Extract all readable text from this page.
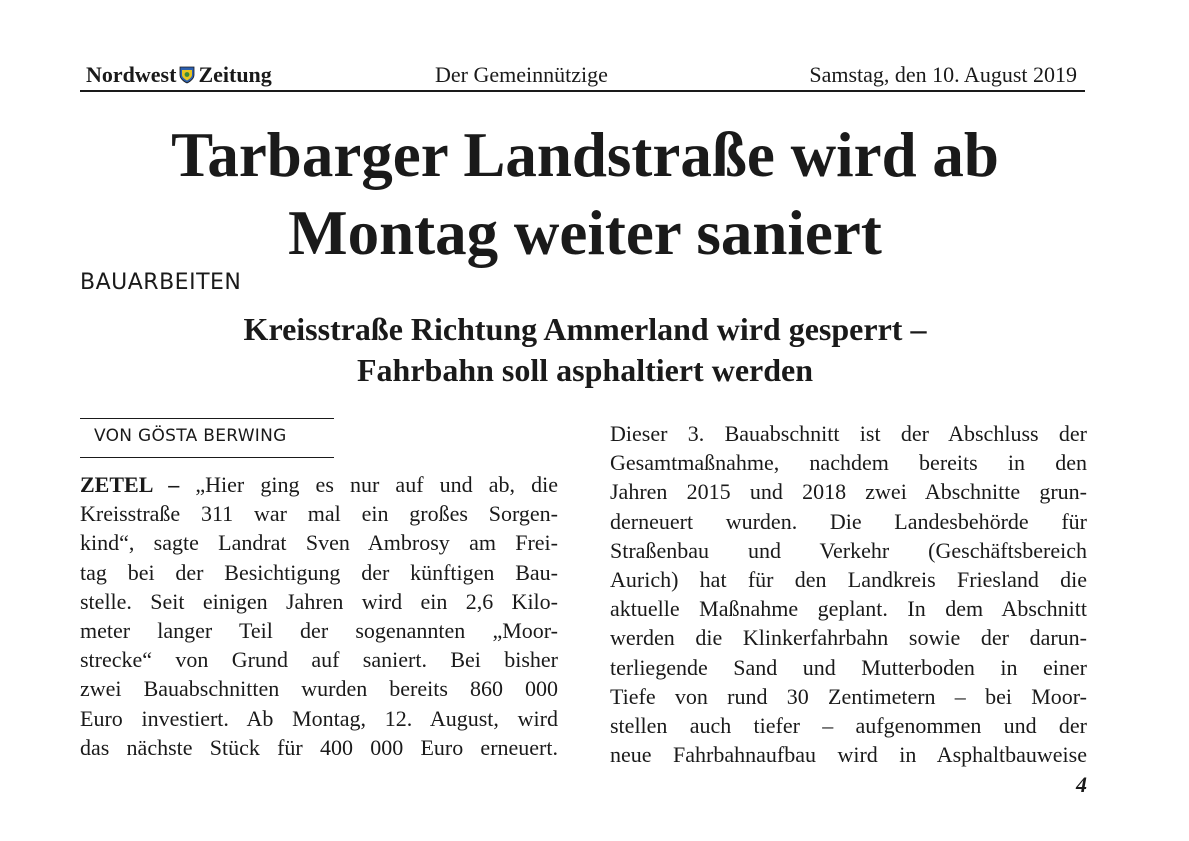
Nordwest Zeitung	Der Gemeinnützige	Samstag, den 10. August 2019
Tarbarger Landstraße wird ab
Montag weiter saniert
BAUARBEITEN
Kreisstraße Richtung Ammerland wird gesperrt –
Fahrbahn soll asphaltiert werden
VON GÖSTA BERWING
ZETEL – „Hier ging es nur auf und ab, die
Kreisstraße 311 war mal ein großes Sorgen-
kind“, sagte Landrat Sven Ambrosy am Frei-
tag bei der Besichtigung der künftigen Bau-
stelle. Seit einigen Jahren wird ein 2,6 Kilo-
meter langer Teil der sogenannten „Moor-
strecke“ von Grund auf saniert. Bei bisher
zwei Bauabschnitten wurden bereits 860 000
Euro investiert. Ab Montag, 12. August, wird
das nächste Stück für 400 000 Euro erneuert.
Dieser 3. Bauabschnitt ist der Abschluss der
Gesamtmaßnahme, nachdem bereits in den
Jahren 2015 und 2018 zwei Abschnitte grun-
derneuert wurden. Die Landesbehörde für
Straßenbau und Verkehr (Geschäftsbereich
Aurich) hat für den Landkreis Friesland die
aktuelle Maßnahme geplant. In dem Abschnitt
werden die Klinkerfahrbahn sowie der darun-
terliegende Sand und Mutterboden in einer
Tiefe von rund 30 Zentimetern – bei Moor-
stellen auch tiefer – aufgenommen und der
neue Fahrbahnaufbau wird in Asphaltbauweise
4
